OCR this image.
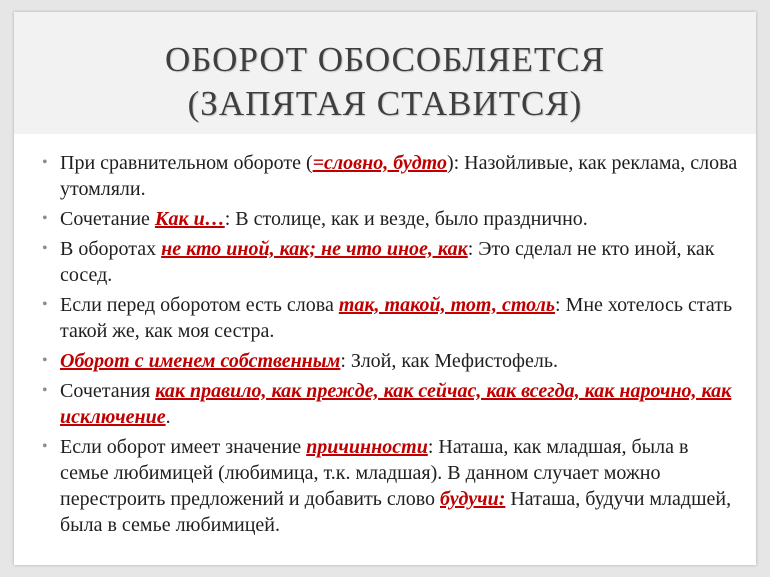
ОБОРОТ ОБОСОБЛЯЕТСЯ
(ЗАПЯТАЯ СТАВИТСЯ)
• При сравнительном обороте (=словно, будто): Назойливые, как реклама, слова утомляли.
• Сочетание Как и…: В столице, как и везде, было празднично.
• В оборотах не кто иной, как; не что иное, как: Это сделал не кто иной, как сосед.
• Если перед оборотом есть слова так, такой, тот, столь: Мне хотелось стать такой же, как моя сестра.
• Оборот с именем собственным: Злой, как Мефистофель.
• Сочетания как правило, как прежде, как сейчас, как всегда, как нарочно, как исключение.
• Если оборот имеет значение причинности: Наташа, как младшая, была в семье любимицей (любимица, т.к. младшая). В данном случает можно перестроить предложений и добавить слово будучи: Наташа, будучи младшей, была в семье любимицей.
